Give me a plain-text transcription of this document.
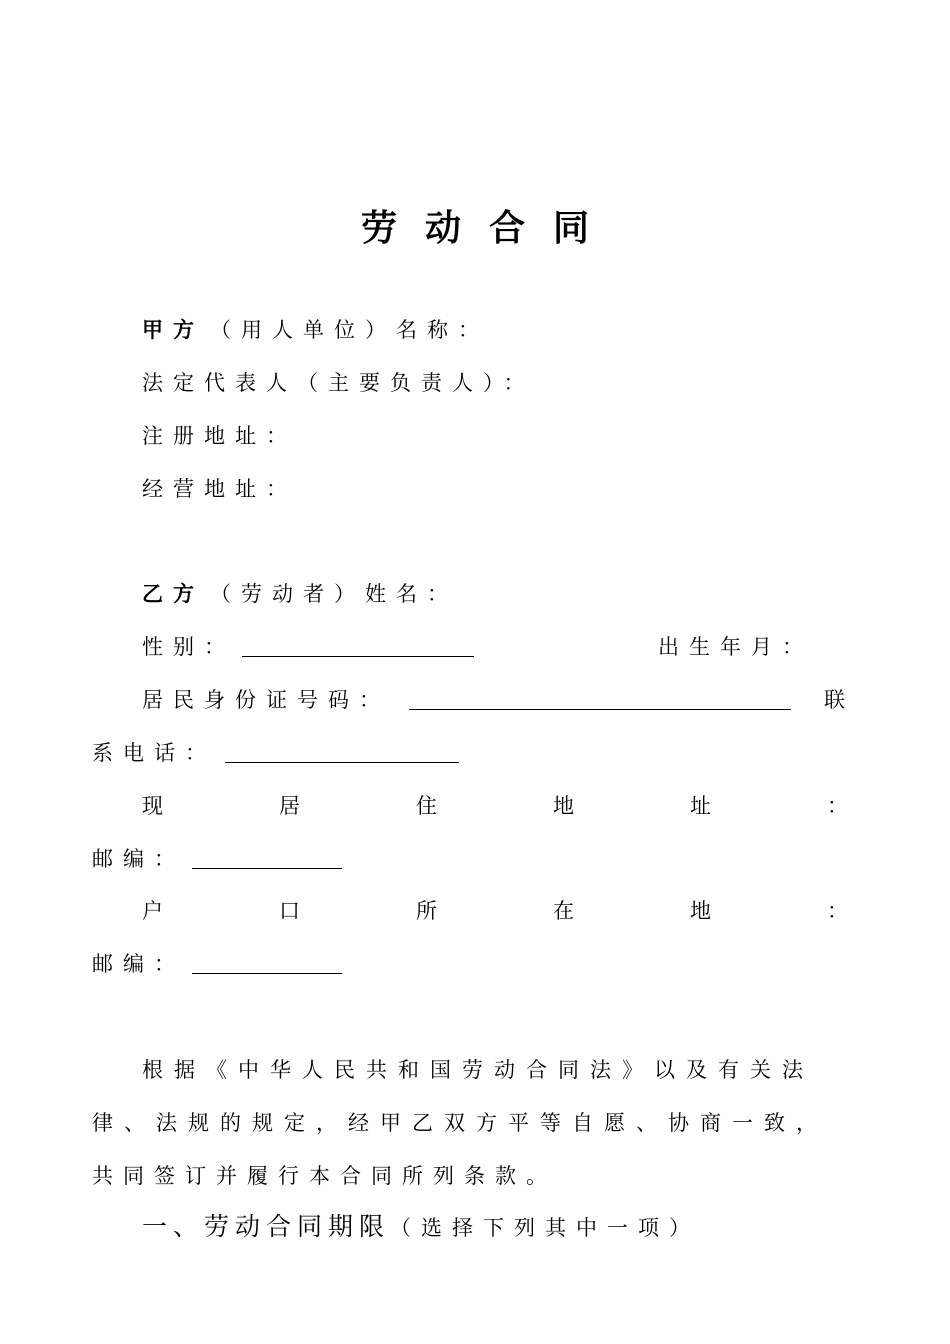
劳动合同
甲方 （用人单位）名称：
法定代表人（主要负责人）：
注册地址：
经营地址：
乙方 （劳动者）姓名：
性别：	出生年月：
居民身份证号码：	联
系电话：
现	居	住	地	址	：
邮编：
户	口	所	在	地	：
邮编：
根据《中华人民共和国劳动合同法》以及有关法
律、法规的规定，经甲乙双方平等自愿、协商一致，
共同签订并履行本合同所列条款。
一、劳动合同期限（选择下列其中一项）
